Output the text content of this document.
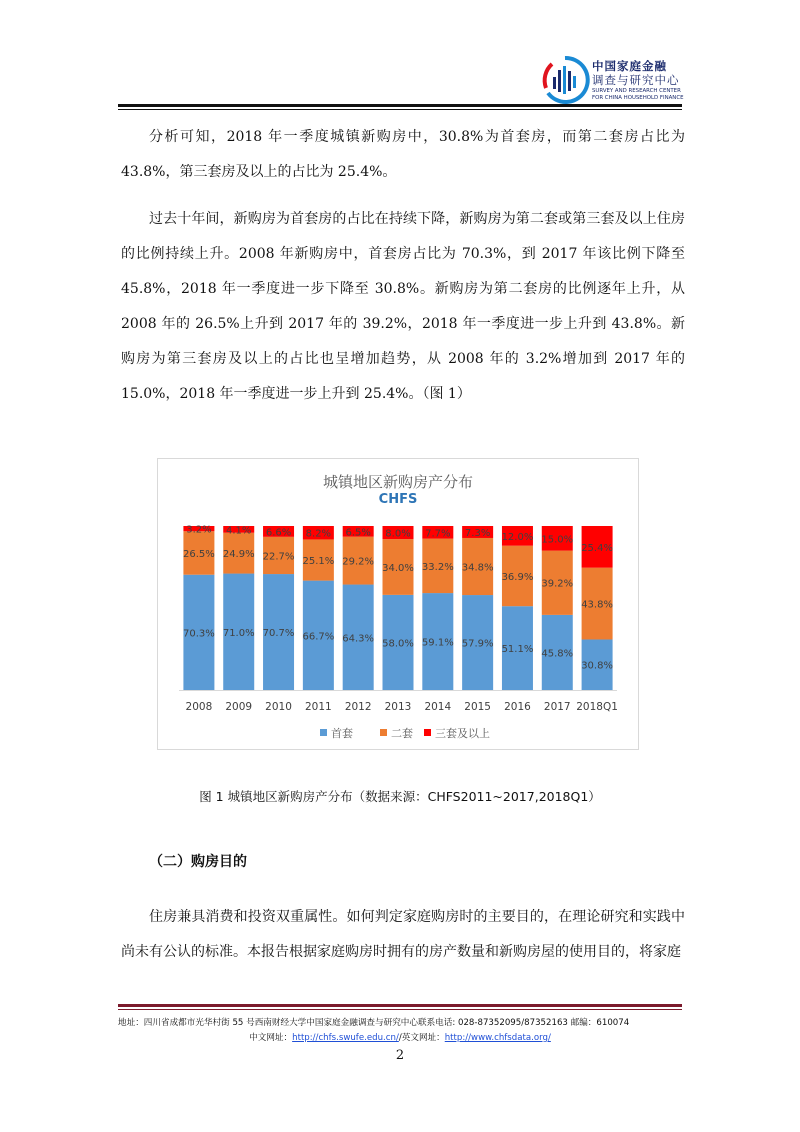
中国家庭金融
调查与研究中心
SURVEY AND RESEARCH CENTER
FOR CHINA HOUSEHOLD FINANCE
分析可知，2018 年一季度城镇新购房中，30.8%为首套房，而第二套房占比为 43.8%，第三套房及以上的占比为 25.4%。
过去十年间，新购房为首套房的占比在持续下降，新购房为第二套或第三套及以上住房的比例持续上升。2008 年新购房中，首套房占比为 70.3%，到 2017 年该比例下降至 45.8%，2018 年一季度进一步下降至 30.8%。新购房为第二套房的比例逐年上升，从 2008 年的 26.5%上升到 2017 年的 39.2%，2018 年一季度进一步上升到 43.8%。新购房为第三套房及以上的占比也呈增加趋势，从 2008 年的 3.2%增加到 2017 年的 15.0%，2018 年一季度进一步上升到 25.4%。（图 1）
城镇地区新购房产分布
CHFS
70.3%
26.5%
3.2%
2008
71.0%
24.9%
4.1%
2009
70.7%
22.7%
6.6%
2010
66.7%
25.1%
8.2%
2011
64.3%
29.2%
6.5%
2012
58.0%
34.0%
8.0%
2013
59.1%
33.2%
7.7%
2014
57.9%
34.8%
7.3%
2015
51.1%
36.9%
12.0%
2016
45.8%
39.2%
15.0%
2017
30.8%
43.8%
25.4%
2018Q1
首套	二套 三套及以上
图 1 城镇地区新购房产分布（数据来源：CHFS2011~2017,2018Q1）
（二）购房目的
住房兼具消费和投资双重属性。如何判定家庭购房时的主要目的，在理论研究和实践中尚未有公认的标准。本报告根据家庭购房时拥有的房产数量和新购房屋的使用目的，将家庭
地址：四川省成都市光华村街 55 号西南财经大学中国家庭金融调查与研究中心联系电话: 028-87352095/87352163 邮编：610074
中文网址：http://chfs.swufe.edu.cn//英文网址：http://www.chfsdata.org/
2
